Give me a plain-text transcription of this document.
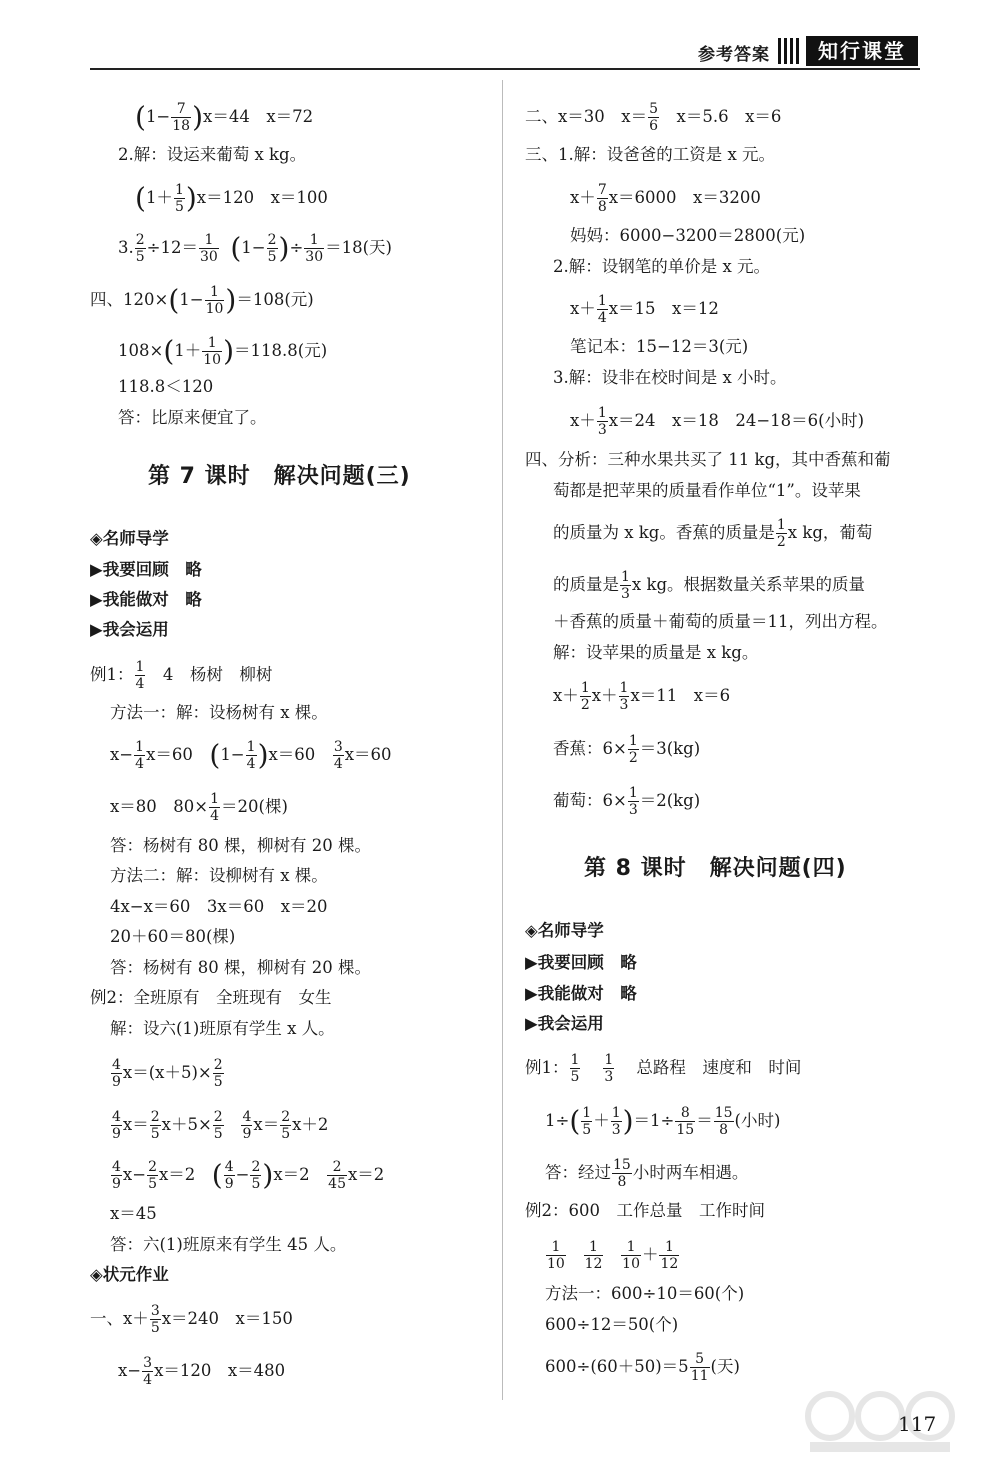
参考答案	知行课堂
$(1- \frac{7}{18} )x=44$　x＝72
2.解：设运来葡萄 x kg。
$(1+ \frac{1}{5} )x=120$　x＝100
3. $\frac{2}{5} \div 12= \frac{1}{30} (1- \frac{2}{5}$ )÷ $\frac{1}{30} =18$(天)
四、$120\times(1- \frac{1}{10} )=108$(元)
$108\times(1+ \frac{1}{10} )=118.8$(元)
118.8＜120
答：比原来便宜了。
第 7 课时　解决问题(三)
◈名师导学
▶我要回顾　略
▶我能做对　略
▶我会运用
例1： $\frac{1}{4}$ 　4　杨树　柳树
方法一：解：设杨树有 x 棵。
$x- \frac{1}{4} x=60$　$(1- \frac{1}{4} )x=60$　 $\frac{3}{4} x=60$
x＝80　$80\times \frac{1}{4} =20$(棵)
答：杨树有 80 棵，柳树有 20 棵。
方法二：解：设柳树有 x 棵。
4x−x＝60　3x＝60　x＝20
20＋60＝80(棵)
答：杨树有 80 棵，柳树有 20 棵。
例2：全班原有　全班现有　女生
解：设六(1)班原有学生 x 人。
$\frac{4}{9} x=(x+5)\times \frac{2}{5}$
$\frac{4}{9} x= \frac{2}{5} x+5\times \frac{2}{5}$
$\frac{4}{9} x= \frac{2}{5} x+2$
$\frac{4}{9} x- \frac{2}{5} x=2$　( $\frac{4}{9} - \frac{2}{5} )x=2$　 $\frac{2}{45} x=2$
x＝45
答：六(1)班原来有学生 45 人。
◈状元作业
一、$x+ \frac{3}{5} x=240$　x＝150
$x- \frac{3}{4} x=120$　x＝480
二、x＝30　$x= \frac{5}{6}$ 　x＝5.6　x＝6
三、1.解：设爸爸的工资是 x 元。
$x+ \frac{7}{8} x=6000$　x＝3200
妈妈：6000−3200＝2800(元)
2.解：设钢笔的单价是 x 元。
$x+ \frac{1}{4} x=15$　x＝12
笔记本：15−12＝3(元)
3.解：设非在校时间是 x 小时。
$x+ \frac{1}{3} x=24$　x＝18　24−18＝6(小时)
四、分析：三种水果共买了 11 kg，其中香蕉和葡
萄都是把苹果的质量看作单位“1”。设苹果
的质量为 x kg。香蕉的质量是 $\frac{1}{2}$ x kg，葡萄
的质量是 $\frac{1}{3}$ x kg。根据数量关系苹果的质量
＋香蕉的质量＋葡萄的质量＝11，列出方程。
解：设苹果的质量是 x kg。
$x+ \frac{1}{2} x+ \frac{1}{3} x=11$　x＝6
香蕉：$6\times \frac{1}{2} =3(kg)$
葡萄：$6\times \frac{1}{3} =2(kg)$
第 8 课时　解决问题(四)
◈名师导学
▶我要回顾　略
▶我能做对　略
▶我会运用
例1： $\frac{1}{5}$
$\frac{1}{3}$ 总路程　速度和　时间
$1\div( \frac{1}{5} + \frac{1}{3} )=1\div \frac{8}{15} = \frac{15}{8}$ (小时)
答：经过 $\frac{15}{8}$ 小时两车相遇。
例2：600　工作总量　工作时间
$\frac{1}{10}$
$\frac{1}{12}$
$\frac{1}{10} + \frac{1}{12}$
方法一：600÷10＝60(个)
600÷12＝50(个)
$600\div(60+50)=5 \frac{5}{11}$ (天)
117
